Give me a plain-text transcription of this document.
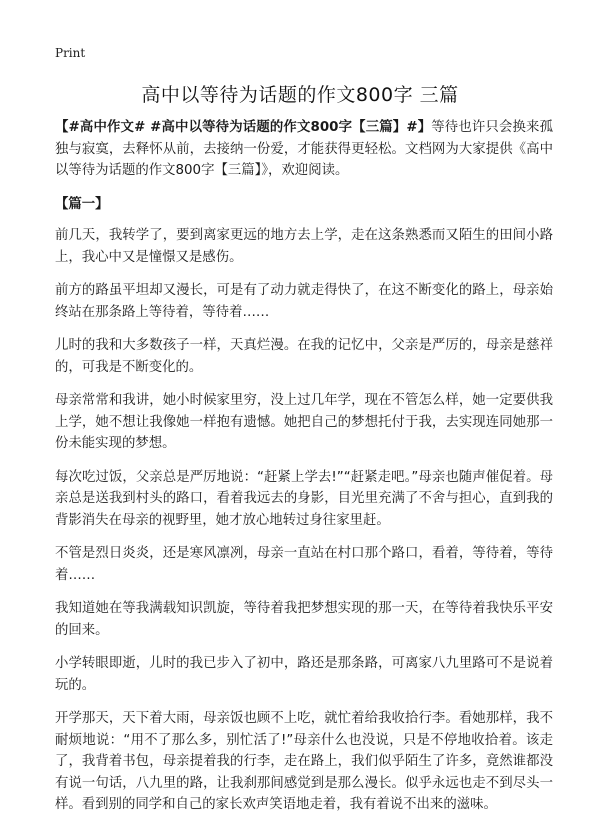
Print
高中以等待为话题的作文800字 三篇

【#高中作文# #高中以等待为话题的作文800字【三篇】#】等待也许只会换来孤独与寂寞，去释怀从前，去接纳一份爱，才能获得更轻松。文档网为大家提供《高中以等待为话题的作文800字【三篇】》，欢迎阅读。

【篇一】

前几天，我转学了，要到离家更远的地方去上学，走在这条熟悉而又陌生的田间小路上，我心中又是憧憬又是感伤。

前方的路虽平坦却又漫长，可是有了动力就走得快了，在这不断变化的路上，母亲始终站在那条路上等待着，等待着……

儿时的我和大多数孩子一样，天真烂漫。在我的记忆中，父亲是严厉的，母亲是慈祥的，可我是不断变化的。

母亲常常和我讲，她小时候家里穷，没上过几年学，现在不管怎么样，她一定要供我上学，她不想让我像她一样抱有遗憾。她把自己的梦想托付于我，去实现连同她那一份未能实现的梦想。

每次吃过饭，父亲总是严厉地说：“赶紧上学去!”“赶紧走吧。”母亲也随声催促着。母亲总是送我到村头的路口，看着我远去的身影，目光里充满了不舍与担心，直到我的背影消失在母亲的视野里，她才放心地转过身往家里赶。

不管是烈日炎炎，还是寒风凛冽，母亲一直站在村口那个路口，看着，等待着，等待着……

我知道她在等我满载知识凯旋，等待着我把梦想实现的那一天，在等待着我快乐平安的回来。

小学转眼即逝，儿时的我已步入了初中，路还是那条路，可离家八九里路可不是说着玩的。

开学那天，天下着大雨，母亲饭也顾不上吃，就忙着给我收拾行李。看她那样，我不耐烦地说：“用不了那么多，别忙活了!”母亲什么也没说，只是不停地收拾着。该走了，我背着书包，母亲提着我的行李，走在路上，我们似乎陌生了许多，竟然谁都没有说一句话，八九里的路，让我刹那间感觉到是那么漫长。似乎永远也走不到尽头一样。看到别的同学和自己的家长欢声笑语地走着，我有着说不出来的滋味。
